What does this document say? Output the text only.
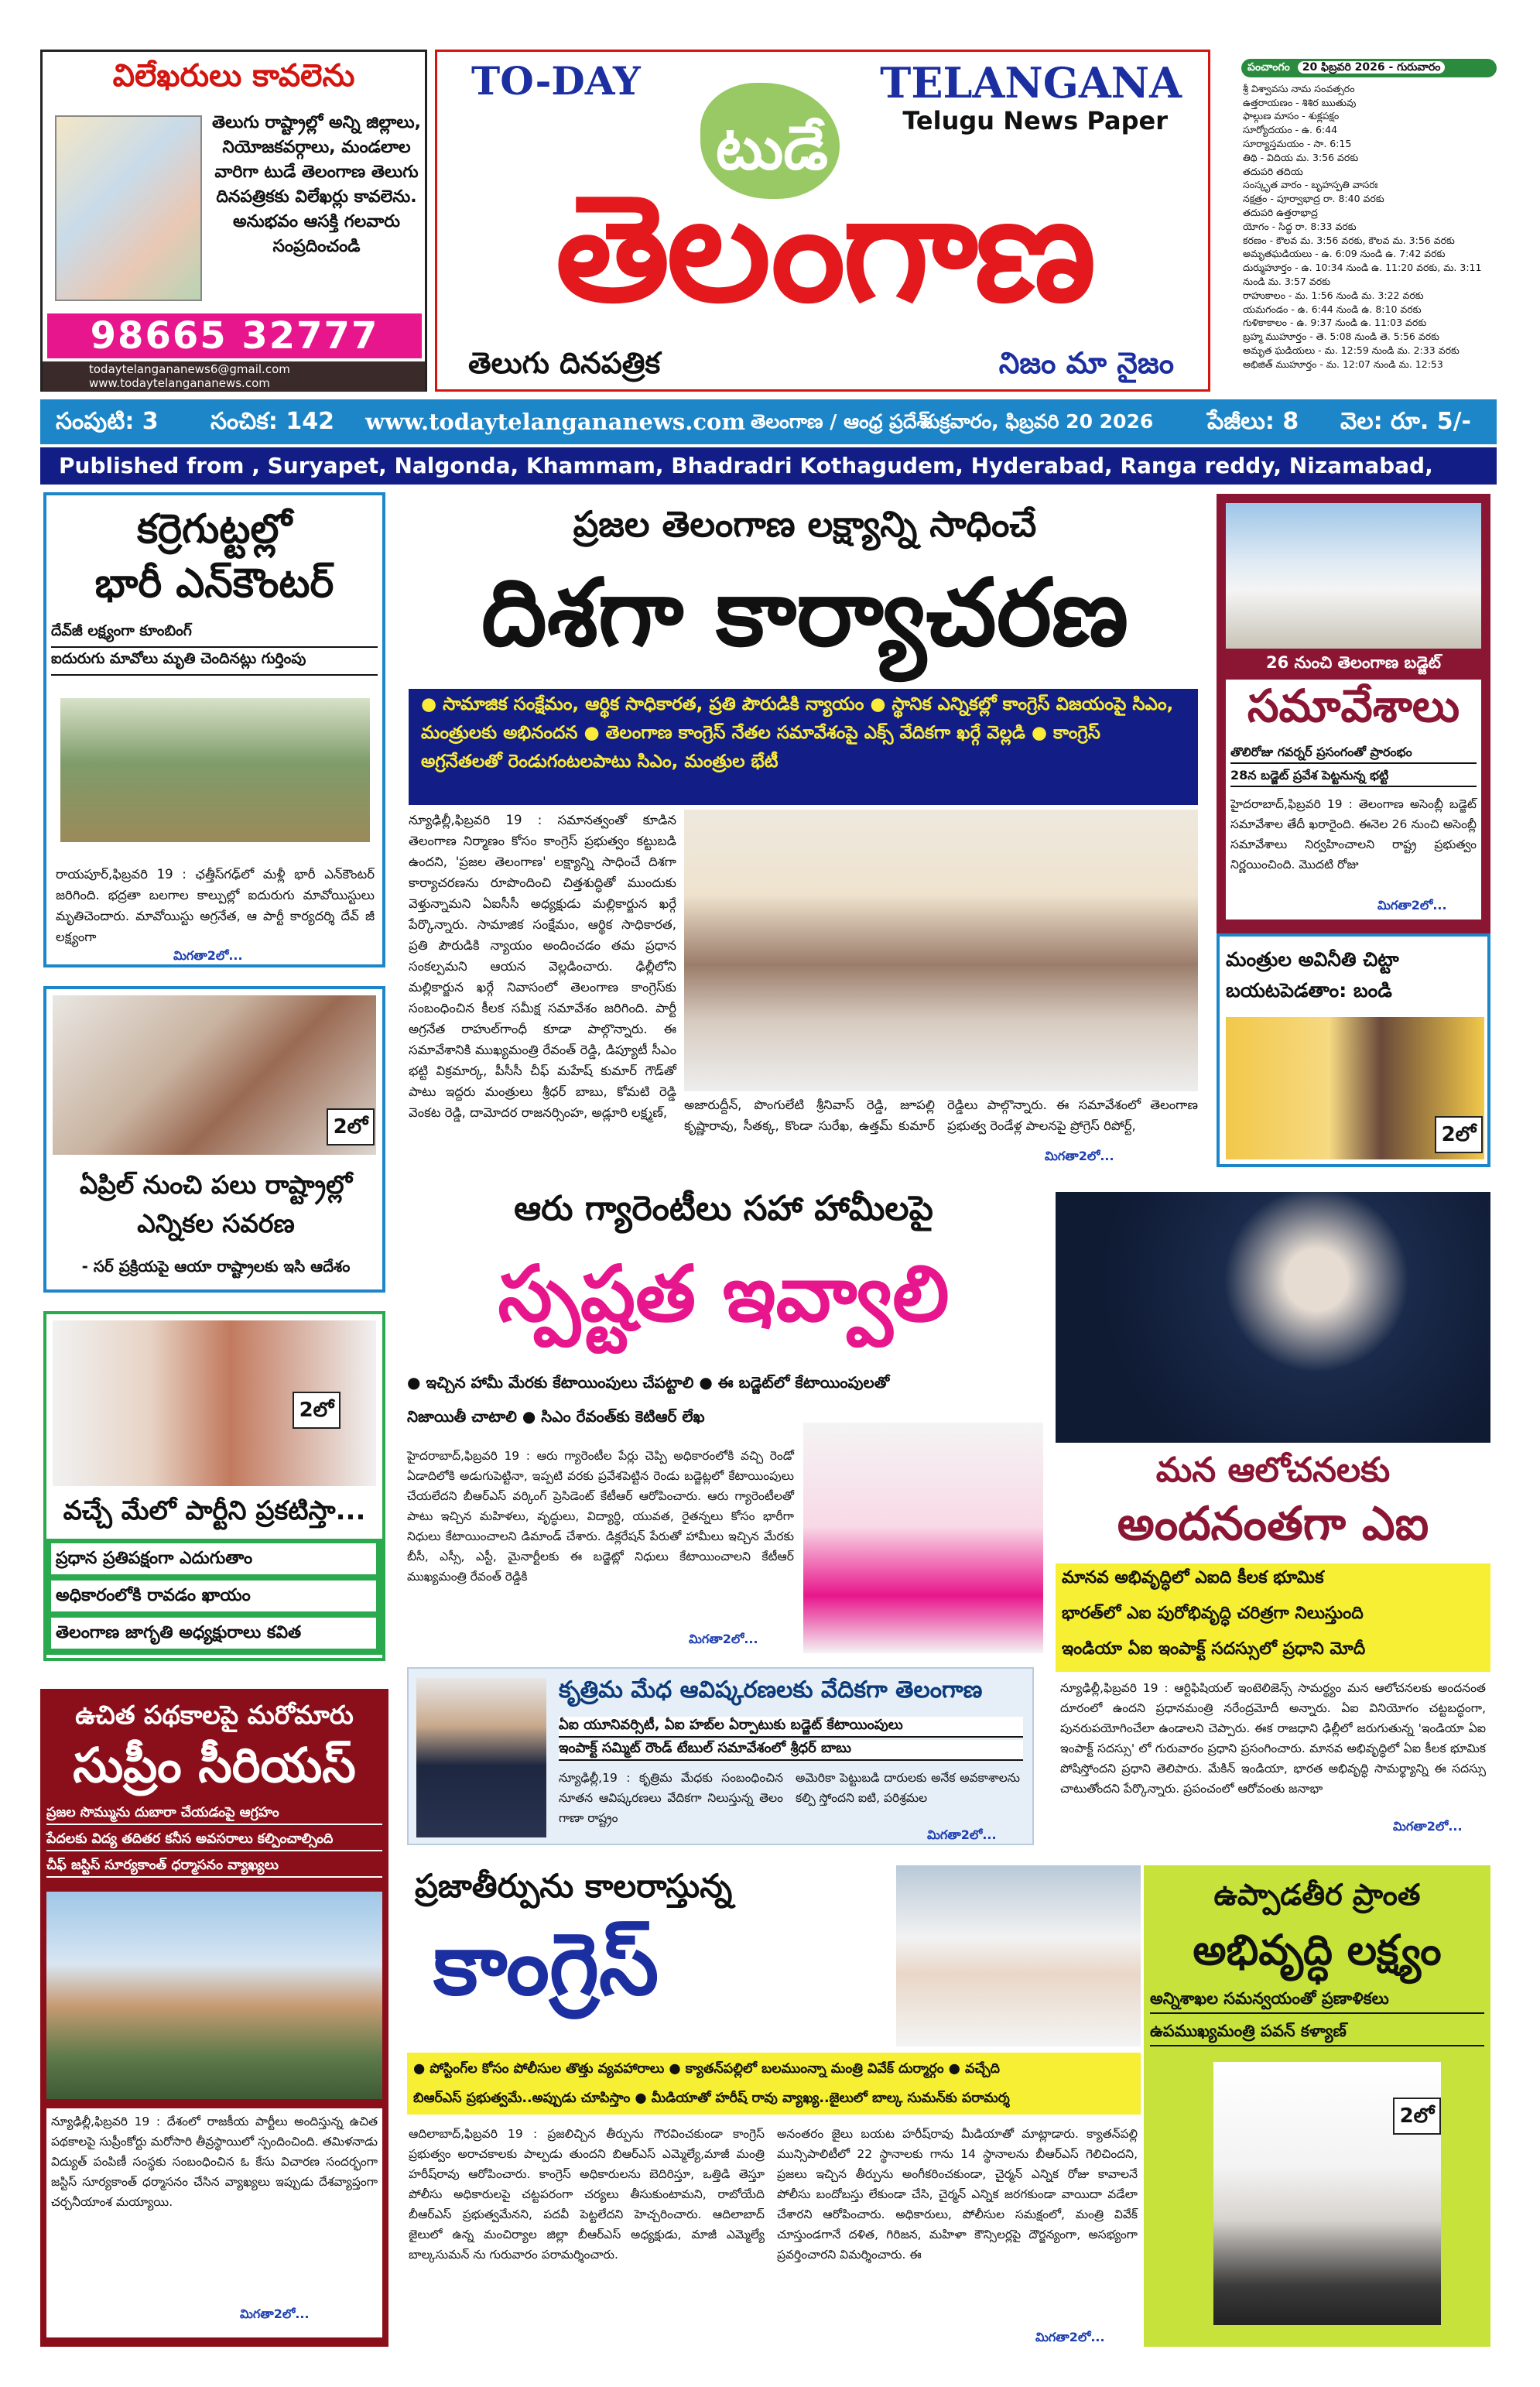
విలేఖరులు కావలెను
తెలుగు రాష్ట్రాల్లో అన్ని జిల్లాలు, నియోజకవర్గాలు, మండలాల వారిగా టుడే తెలంగాణ తెలుగు దినపత్రికకు విలేఖర్లు కావలెను. అనుభవం ఆసక్తి గలవారు సంప్రదించండి
98665 32777
todaytelangananews6@gmail.com
www.todaytelangananews.com
TO-DAY	TELANGANA
Telugu News Paper
టుడే
తెలంగాణ
తెలుగు దినపత్రిక	నిజం మా నైజం
పంచాంగం 20 ఫిబ్రవరి 2026 - గురువారం
శ్రీ విశ్వావసు నామ సంవత్సరం
ఉత్తరాయణం - శిశిర ఋతువు
ఫాల్గుణ మాసం - శుక్లపక్షం
సూర్యోదయం - ఉ. 6:44
సూర్యాస్తమయం - సా. 6:15
తిథి - విదియ మ. 3:56 వరకు
తదుపరి తదియ
సంస్కృత వారం - బృహస్పతి వాసరః
నక్షత్రం - పూర్వాభాద్ర రా. 8:40 వరకు
తదుపరి ఉత్తరాభాద్ర
యోగం - సిద్ధ రా. 8:33 వరకు
కరణం - కౌలవ మ. 3:56 వరకు, కౌలవ మ. 3:56 వరకు
అమృతఘడియలు - ఉ. 6:09 నుండి ఉ. 7:42 వరకు
దుర్ముహూర్తం - ఉ. 10:34 నుండి ఉ. 11:20 వరకు, మ. 3:11 నుండి మ. 3:57 వరకు
రాహుకాలం - మ. 1:56 నుండి మ. 3:22 వరకు
యమగండం - ఉ. 6:44 నుండి ఉ. 8:10 వరకు
గుళికాకాలం - ఉ. 9:37 నుండి ఉ. 11:03 వరకు
బ్రహ్మ ముహూర్తం - తె. 5:08 నుండి తె. 5:56 వరకు
అమృత ఘడియలు - మ. 12:59 నుండి మ. 2:33 వరకు
అభిజిత్ ముహూర్తం - మ. 12:07 నుండి మ. 12:53
సంపుటి: 3 సంచిక: 142 www.todaytelangananews.com తెలంగాణ / ఆంధ్ర ప్రదేశ్
శుక్రవారం, ఫిబ్రవరి 20 2026 పేజీలు: 8 వెల: రూ. 5/-
Published from , Suryapet, Nalgonda, Khammam, Bhadradri Kothagudem, Hyderabad, Ranga reddy, Nizamabad,
కర్రెగుట్టల్లో
భారీ ఎన్‌కౌంటర్
దేవ్‌జీ లక్ష్యంగా కూంబింగ్
ఐదురుగు మావోలు మృతి చెందినట్లు గుర్తింపు
రాయపూర్,ఫిబ్రవరి 19 : ఛత్తీస్‌గఢ్‌లో మళ్లీ భారీ ఎన్‌కౌంటర్ జరిగింది. భద్రతా బలగాల కాల్పుల్లో ఐదురుగు మావోయిస్టులు మృతిచెందారు. మావోయిస్టు అగ్రనేత, ఆ పార్టీ కార్యదర్శి దేవ్ జీ లక్ష్యంగా
మిగతా2లో...
ప్రజల తెలంగాణ లక్ష్యాన్ని సాధించే
దిశగా కార్యాచరణ
● సామాజిక సంక్షేమం, ఆర్థిక సాధికారత, ప్రతి పౌరుడికి న్యాయం ● స్థానిక ఎన్నికల్లో కాంగ్రెస్ విజయంపై సిఎం, మంత్రులకు అభినందన ● తెలంగాణ కాంగ్రెస్ నేతల సమావేశంపై ఎక్స్ వేదికగా ఖర్గే వెల్లడి ● కాంగ్రెస్ అగ్రనేతలతో రెండుగంటలపాటు సిఎం, మంత్రుల భేటీ
న్యూఢిల్లీ,ఫిబ్రవరి 19 : సమానత్వంతో కూడిన తెలంగాణ నిర్మాణం కోసం కాంగ్రెస్ ప్రభుత్వం కట్టుబడి ఉందని, 'ప్రజల తెలంగాణ' లక్ష్యాన్ని సాధించే దిశగా కార్యాచరణను రూపొందించి చిత్తశుద్ధితో ముందుకు వెళ్తున్నామని ఏఐసీసీ అధ్యక్షుడు మల్లికార్జున ఖర్గే పేర్కొన్నారు. సామాజిక సంక్షేమం, ఆర్థిక సాధికారత, ప్రతి పౌరుడికి న్యాయం అందించడం తమ ప్రధాన సంకల్పమని ఆయన వెల్లడించారు. ఢిల్లీలోని మల్లికార్జున ఖర్గే నివాసంలో తెలంగాణ కాంగ్రెస్‌కు సంబంధించిన కీలక సమీక్ష సమావేశం జరిగింది. పార్టీ అగ్రనేత రాహుల్‌గాంధీ కూడా పాల్గొన్నారు. ఈ సమావేశానికి ముఖ్యమంత్రి రేవంత్ రెడ్డి, డిప్యూటీ సీఎం భట్టి విక్రమార్క, పీసీసీ చీఫ్ మహేష్ కుమార్ గౌడ్‌తో పాటు ఇద్దరు మంత్రులు శ్రీధర్ బాబు, కోమటి రెడ్డి వెంకట రెడ్డి, దామోదర రాజనర్సింహ, అడ్లూరి లక్ష్మణ్,
అజారుద్దీన్, పొంగులేటి శ్రీనివాస్ రెడ్డి, జూపల్లి కృష్ణారావు, సీతక్క, కొండా సురేఖ, ఉత్తమ్ కుమార్ రెడ్డిలు పాల్గొన్నారు. ఈ సమావేశంలో తెలంగాణ ప్రభుత్వ రెండేళ్ల పాలనపై ప్రోగ్రెస్ రిపోర్ట్,
మిగతా2లో...
26 నుంచి తెలంగాణ బడ్జెట్
సమావేశాలు
తొలిరోజు గవర్నర్ ప్రసంగంతో ప్రారంభం
28న బడ్జెట్ ప్రవేశ పెట్టనున్న భట్టి
హైదరాబాద్,ఫిబ్రవరి 19 : తెలంగాణ అసెంబ్లీ బడ్జెట్ సమావేశాల తేదీ ఖరారైంది. ఈనెల 26 నుంచి అసెంబ్లీ సమావేశాలు నిర్వహించాలని రాష్ట్ర ప్రభుత్వం నిర్ణయించింది. మొదటి రోజు
మిగతా2లో...
మంత్రుల అవినీతి చిట్టా బయటపెడతాం: బండి
2లో
2లో
ఏప్రిల్ నుంచి పలు రాష్ట్రాల్లో ఎన్నికల సవరణ
- సర్ ప్రక్రియపై ఆయా రాష్ట్రాలకు ఇసి ఆదేశం
2లో
వచ్చే మేలో పార్టీని ప్రకటిస్తా...
ప్రధాన ప్రతిపక్షంగా ఎదుగుతాం
అధికారంలోకి రావడం ఖాయం
తెలంగాణ జాగృతి అధ్యక్షురాలు కవిత
ఆరు గ్యారెంటీలు సహా హామీలపై
స్పష్టత ఇవ్వాలి
● ఇచ్చిన హామీ మేరకు కేటాయింపులు చేపట్టాలి ● ఈ బడ్జెట్‌లో కేటాయింపులతో
నిజాయితీ చాటాలి ● సిఎం రేవంత్‌కు కెటిఆర్ లేఖ
హైదరాబాద్,ఫిబ్రవరి 19 : ఆరు గ్యారెంటీల పేర్లు చెప్పి అధికారంలోకి వచ్చి రెండో ఏడాదిలోకి అడుగుపెట్టినా, ఇప్పటి వరకు ప్రవేశపెట్టిన రెండు బడ్జెట్లలో కేటాయింపులు చేయలేదని బీఆర్‌ఎస్ వర్కింగ్ ప్రెసిడెంట్ కేటీఆర్ ఆరోపించారు. ఆరు గ్యారెంటీలతో పాటు ఇచ్చిన మహిళలు, వృద్ధులు, విద్యార్థి, యువత, రైతన్నలు కోసం భారీగా నిధులు కేటాయించాలని డిమాండ్ చేశారు. డిక్లరేషన్ పేరుతో హామీలు ఇచ్చిన మేరకు బీసీ, ఎస్సీ, ఎస్టీ, మైనార్టీలకు ఈ బడ్జెట్లో నిధులు కేటాయించాలని కేటీఆర్ ముఖ్యమంత్రి రేవంత్ రెడ్డికి
మిగతా2లో...
మన ఆలోచనలకు
అందనంతగా ఎఐ
మానవ అభివృద్ధిలో ఎఐది కీలక భూమిక
భారత్‌లో ఎఐ పురోభివృద్ధి చరిత్రగా నిలుస్తుంది
ఇండియా ఏఐ ఇంపాక్ట్ సదస్సులో ప్రధాని మోదీ
న్యూఢిల్లీ,ఫిబ్రవరి 19 : ఆర్టిఫిషియల్ ఇంటెలిజెన్స్ సామర్థ్యం మన ఆలోచనలకు అందనంత దూరంలో ఉందని ప్రధానమంత్రి నరేంద్రమోదీ అన్నారు. ఏఐ వినియోగం చట్టబద్ధంగా, పునరుపయోగించేలా ఉండాలని చెప్పారు. ఈక రాజధాని ఢిల్లీలో జరుగుతున్న 'ఇండియా ఏఐ ఇంపాక్ట్ సదస్సు' లో గురువారం ప్రధాని ప్రసంగించారు. మానవ అభివృద్ధిలో ఏఐ కీలక భూమిక పోషిస్తోందని ప్రధాని తెలిపారు. మేకిన్ ఇండియా, భారత అభివృద్ధి సామర్థ్యాన్ని ఈ సదస్సు చాటుతోందని పేర్కొన్నారు. ప్రపంచంలో ఆరోవంతు జనాభా
మిగతా2లో...
కృత్రిమ మేధ ఆవిష్కరణలకు వేదికగా తెలంగాణ
ఏఐ యూనివర్సిటీ, ఏఐ హబ్‌ల ఏర్పాటుకు బడ్జెట్ కేటాయింపులు
ఇంపాక్ట్ సమ్మిట్ రౌండ్ టేబుల్ సమావేశంలో శ్రీధర్ బాబు
న్యూఢిల్లీ,19 : కృత్రిమ మేధకు సంబంధించిన నూతన ఆవిష్కరణలు వేదికగా నిలుస్తున్న తెలం గాణా రాష్ట్రం
అమెరికా పెట్టుబడి దారులకు అనేక అవకాశాలను కల్పి స్తోందని ఐటి, పరిశ్రమల
మిగతా2లో...
ఉచిత పథకాలపై మరోమారు
సుప్రీం సీరియస్
ప్రజల సొమ్మును దుబారా చేయడంపై ఆగ్రహం
పేదలకు విద్య తదితర కనీస అవసరాలు కల్పించాల్సింది
చీఫ్ జస్టిస్ సూర్యకాంత్ ధర్మాసనం వ్యాఖ్యలు
న్యూఢిల్లీ,ఫిబ్రవరి 19 : దేశంలో రాజకీయ పార్టీలు అందిస్తున్న ఉచిత పథకాలపై సుప్రీంకోర్టు మరోసారి తీవ్రస్థాయిలో స్పందించింది. తమిళనాడు విద్యుత్ పంపిణీ సంస్థకు సంబంధించిన ఓ కేసు విచారణ సందర్భంగా జస్టిస్ సూర్యకాంత్ ధర్మాసనం చేసిన వ్యాఖ్యలు ఇప్పుడు దేశవ్యాప్తంగా చర్చనీయాంశ మయ్యాయి.
మిగతా2లో...
ప్రజాతీర్పును కాలరాస్తున్న
కాంగ్రెస్
● పోస్టింగ్‌ల కోసం పోలీసుల తొత్తు వ్యవహారాలు ● క్యాతన్‌పల్లిలో బలముంన్నా మంత్రి వివేక్ దుర్మార్గం ● వచ్చేది
బిఆర్‌ఎస్ ప్రభుత్వమే..అప్పుడు చూపిస్తాం ● మీడియాతో హరీష్ రావు వ్యాఖ్య..జైలులో బాల్క సుమన్‌కు పరామర్శ
ఆదిలాబాద్,ఫిబ్రవరి 19 : ప్రజలిచ్చిన తీర్పును గౌరవించకుండా కాంగ్రెస్ ప్రభుత్వం అరాచకాలకు పాల్పడు తుందని బిఆర్ఎస్ ఎమ్మెల్యే,మాజీ మంత్రి హరీష్‌రావు ఆరోపించారు. కాంగ్రెస్ అధికారులను బెదిరిస్తూ, ఒత్తిడి తెస్తూ పోలీసు అధికారులపై చట్టపరంగా చర్యలు తీసుకుంటామని, రాబోయేది బీఆర్ఎస్ ప్రభుత్వమేనని, పదవీ పెట్టలేదని హెచ్చరించారు. ఆదిలాబాద్ జైలులో ఉన్న మంచిర్యాల జిల్లా బీఆర్ఎస్ అధ్యక్షుడు, మాజీ ఎమ్మెల్యే బాల్కసుమన్ ను గురువారం పరామర్శించారు.
అనంతరం జైలు బయట హరీష్‌రావు మీడియాతో మాట్లాడారు. క్యాతన్‌పల్లి మున్సిపాలిటీలో 22 స్థానాలకు గాను 14 స్థానాలను బీఆర్ఎస్ గెలిచిందని, ప్రజలు ఇచ్చిన తీర్పును అంగీకరించకుండా, చైర్మన్ ఎన్నిక రోజు కావాలనే పోలీసు బందోబస్తు లేకుండా చేసి, చైర్మన్ ఎన్నిక జరగకుండా వాయిదా వడేలా చేశారని ఆరోపించారు. అధికారులు, పోలీసుల సమక్షంలో, మంత్రి వివేక్ చూస్తుండగానే దళిత, గిరిజన, మహిళా కౌన్సిలర్లపై దౌర్జన్యంగా, అసభ్యంగా ప్రవర్తించారని విమర్శించారు. ఈ
మిగతా2లో...
ఉప్పాడతీర ప్రాంత
అభివృద్ధి లక్ష్యం
అన్నిశాఖల సమన్వయంతో ప్రణాళికలు
ఉపముఖ్యమంత్రి పవన్ కళ్యాణ్
2లో
